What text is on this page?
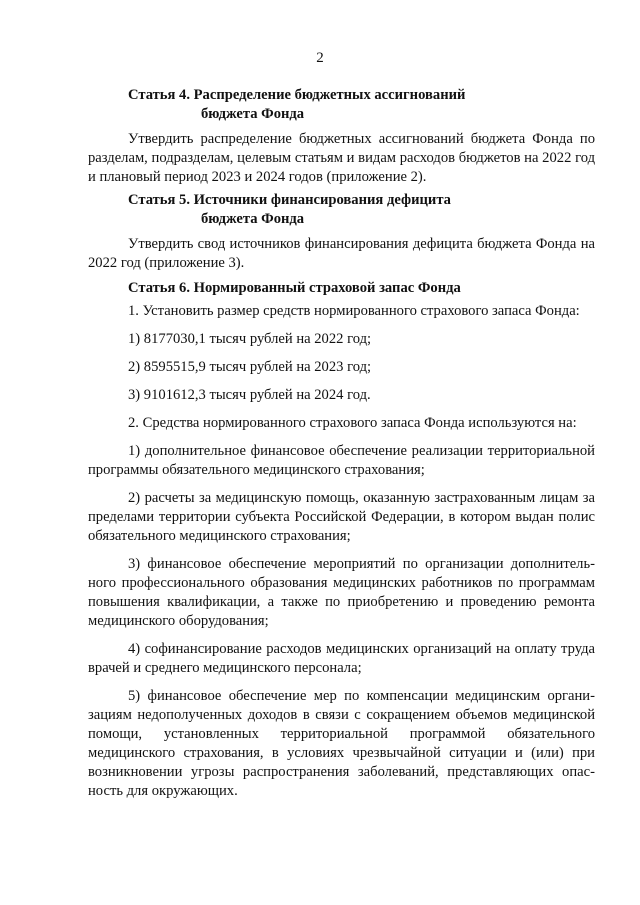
2
Статья 4. Распределение бюджетных ассигнований
бюджета Фонда

Утвердить распределение бюджетных ассигнований бюджета Фонда по разделам, подразделам, целевым статьям и видам расходов бюджетов на 2022 год и плановый период 2023 и 2024 годов (приложение 2).

Статья 5. Источники финансирования дефицита
бюджета Фонда

Утвердить свод источников финансирования дефицита бюджета Фонда на 2022 год (приложение 3).

Статья 6. Нормированный страховой запас Фонда

1. Установить размер средств нормированного страхового запаса Фонда:

1) 8177030,1 тысяч рублей на 2022 год;

2) 8595515,9 тысяч рублей на 2023 год;

3) 9101612,3 тысяч рублей на 2024 год.

2. Средства нормированного страхового запаса Фонда используются на:

1) дополнительное финансовое обеспечение реализации территориальной программы обязательного медицинского страхования;

2) расчеты за медицинскую помощь, оказанную застрахованным лицам за пределами территории субъекта Российской Федерации, в котором выдан полис обязательного медицинского страхования;

3) финансовое обеспечение мероприятий по организации дополнительного профессионального образования медицинских работников по программам повышения квалификации, а также по приобретению и проведению ремонта медицинского оборудования;

4) софинансирование расходов медицинских организаций на оплату труда врачей и среднего медицинского персонала;

5) финансовое обеспечение мер по компенсации медицинским организациям недополученных доходов в связи с сокращением объемов медицинской помощи, установленных территориальной программой обязательного медицинского страхования, в условиях чрезвычайной ситуации и (или) при возникновении угрозы распространения заболеваний, представляющих опасность для окружающих.
